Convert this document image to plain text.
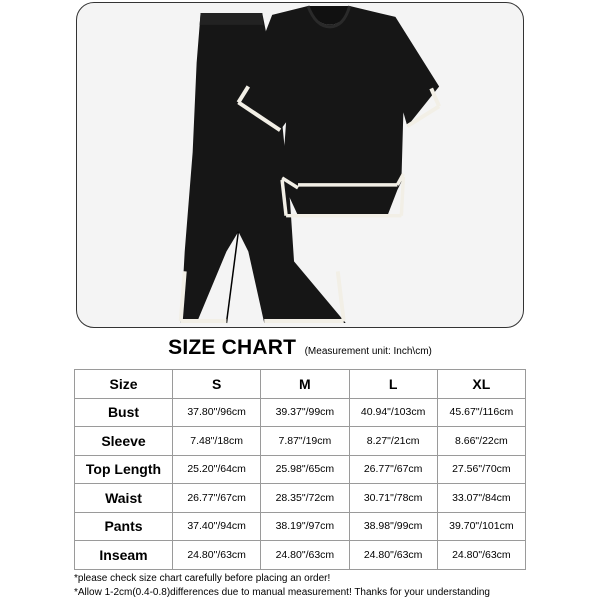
SIZE CHART (Measurement unit: Inch\cm)
Size	S	M	L	XL
Bust	37.80"/96cm	39.37"/99cm	40.94"/103cm	45.67"/116cm
Sleeve	7.48"/18cm	7.87"/19cm	8.27"/21cm	8.66"/22cm
Top Length	25.20"/64cm	25.98"/65cm	26.77"/67cm	27.56"/70cm
Waist	26.77"/67cm	28.35"/72cm	30.71"/78cm	33.07"/84cm
Pants	37.40"/94cm	38.19"/97cm	38.98"/99cm	39.70"/101cm
Inseam	24.80"/63cm	24.80"/63cm	24.80"/63cm	24.80"/63cm
*please check size chart carefully before placing an order!
*Allow 1-2cm(0.4-0.8)differences due to manual measurement! Thanks for your understanding
